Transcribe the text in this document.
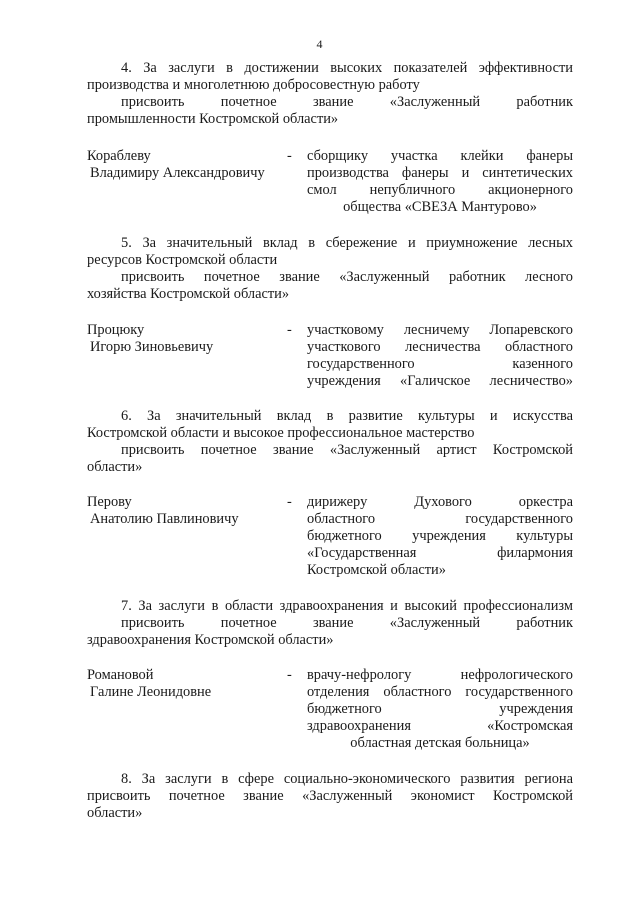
4
4. За заслуги в достижении высоких показателей эффективности
производства и многолетнюю добросовестную работу
присвоить почетное звание «Заслуженный работник
промышленности Костромской области»
Кораблеву
Владимиру Александровичу
- сборщику участка клейки фанеры
производства фанеры и синтетических
смол непубличного акционерного
общества «СВЕЗА Мантурово»
5. За значительный вклад в сбережение и приумножение лесных
ресурсов Костромской области
присвоить почетное звание «Заслуженный работник лесного
хозяйства Костромской области»
Процюку
Игорю Зиновьевичу
- участковому лесничему Лопаревского
участкового лесничества областного
государственного казенного
учреждения «Галичское лесничество»
6. За значительный вклад в развитие культуры и искусства
Костромской области и высокое профессиональное мастерство
присвоить почетное звание «Заслуженный артист Костромской
области»
Перову
Анатолию Павлиновичу
- дирижеру Духового оркестра
областного государственного
бюджетного учреждения культуры
«Государственная филармония
Костромской области»
7. За заслуги в области здравоохранения и высокий профессионализм
присвоить почетное звание «Заслуженный работник
здравоохранения Костромской области»
Романовой
Галине Леонидовне
- врачу-нефрологу нефрологического
отделения областного государственного
бюджетного учреждения
здравоохранения «Костромская
областная детская больница»
8. За заслуги в сфере социально-экономического развития региона
присвоить почетное звание «Заслуженный экономист Костромской
области»
